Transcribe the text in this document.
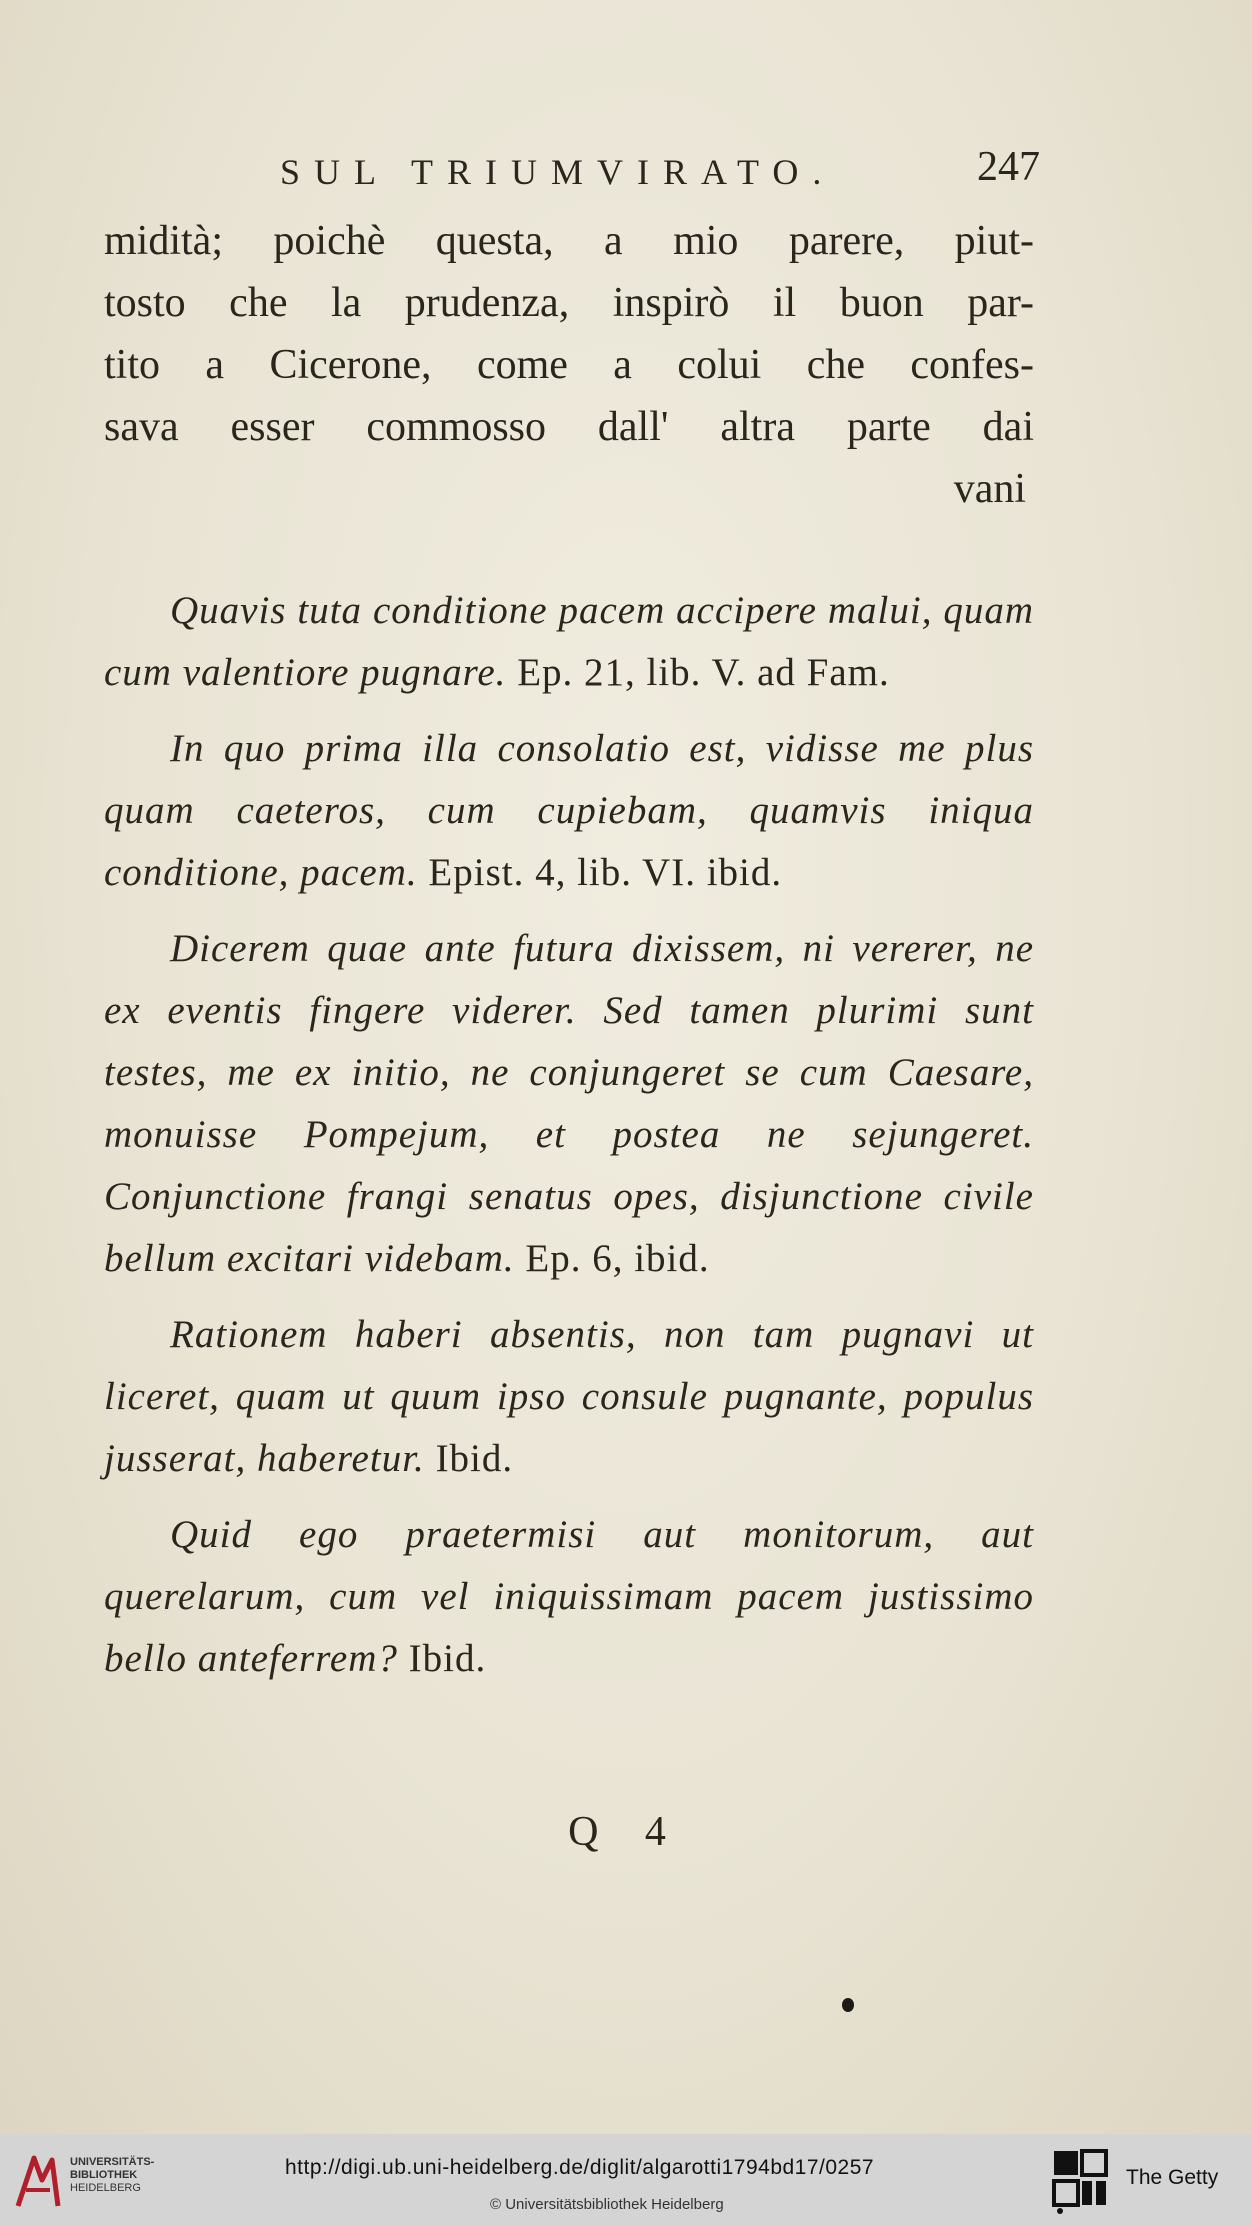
SUL TRIUMVIRATO.	247
midità; poichè questa, a mio parere, piut-
tosto che la prudenza, inspirò il buon par-
tito a Cicerone, come a colui che confes-
sava esser commosso dall' altra parte dai
vani

Quavis tuta conditione pacem accipere malui, quam cum valentiore pugnare. Ep. 21, lib. V. ad Fam.

In quo prima illa consolatio est, vidisse me plus quam caeteros, cum cupiebam, quamvis iniqua conditione, pacem. Epist. 4, lib. VI. ibid.

Dicerem quae ante futura dixissem, ni vererer, ne ex eventis fingere viderer. Sed tamen plurimi sunt testes, me ex initio, ne conjungeret se cum Caesare, monuisse Pompejum, et postea ne sejungeret. Conjunctione frangi senatus opes, disjunctione civile bellum excitari videbam. Ep. 6, ibid.

Rationem haberi absentis, non tam pugnavi ut liceret, quam ut quum ipso consule pugnante, populus jusserat, haberetur. Ibid.

Quid ego praetermisi aut monitorum, aut querelarum, cum vel iniquissimam pacem justissimo bello anteferrem? Ibid.

Q 4
UNIVERSITÄTS-
BIBLIOTHEK
HEIDELBERG
http://digi.ub.uni-heidelberg.de/diglit/algarotti1794bd17/0257
© Universitätsbibliothek Heidelberg
The Getty
